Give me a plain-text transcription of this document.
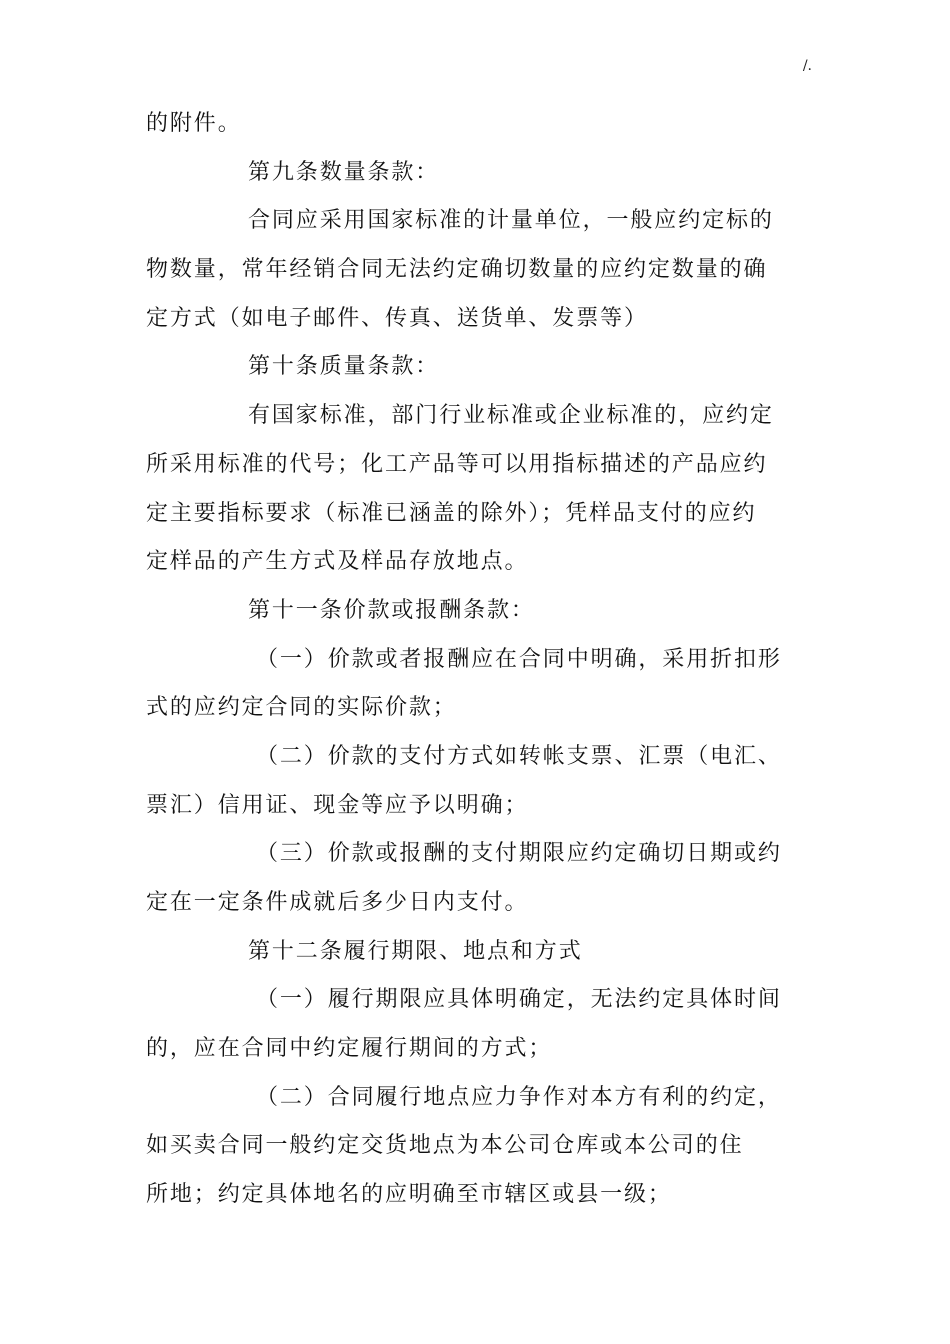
/.
的附件。
第九条数量条款：
合同应采用国家标准的计量单位，一般应约定标的
物数量，常年经销合同无法约定确切数量的应约定数量的确
定方式（如电子邮件、传真、送货单、发票等）
第十条质量条款：
有国家标准，部门行业标准或企业标准的，应约定
所采用标准的代号；化工产品等可以用指标描述的产品应约
定主要指标要求（标准已涵盖的除外）；凭样品支付的应约
定样品的产生方式及样品存放地点。
第十一条价款或报酬条款：
（一）价款或者报酬应在合同中明确，采用折扣形
式的应约定合同的实际价款；
（二）价款的支付方式如转帐支票、汇票（电汇、
票汇）信用证、现金等应予以明确；
（三）价款或报酬的支付期限应约定确切日期或约
定在一定条件成就后多少日内支付。
第十二条履行期限、地点和方式
（一）履行期限应具体明确定，无法约定具体时间
的，应在合同中约定履行期间的方式；
（二）合同履行地点应力争作对本方有利的约定，
如买卖合同一般约定交货地点为本公司仓库或本公司的住
所地；约定具体地名的应明确至市辖区或县一级；
